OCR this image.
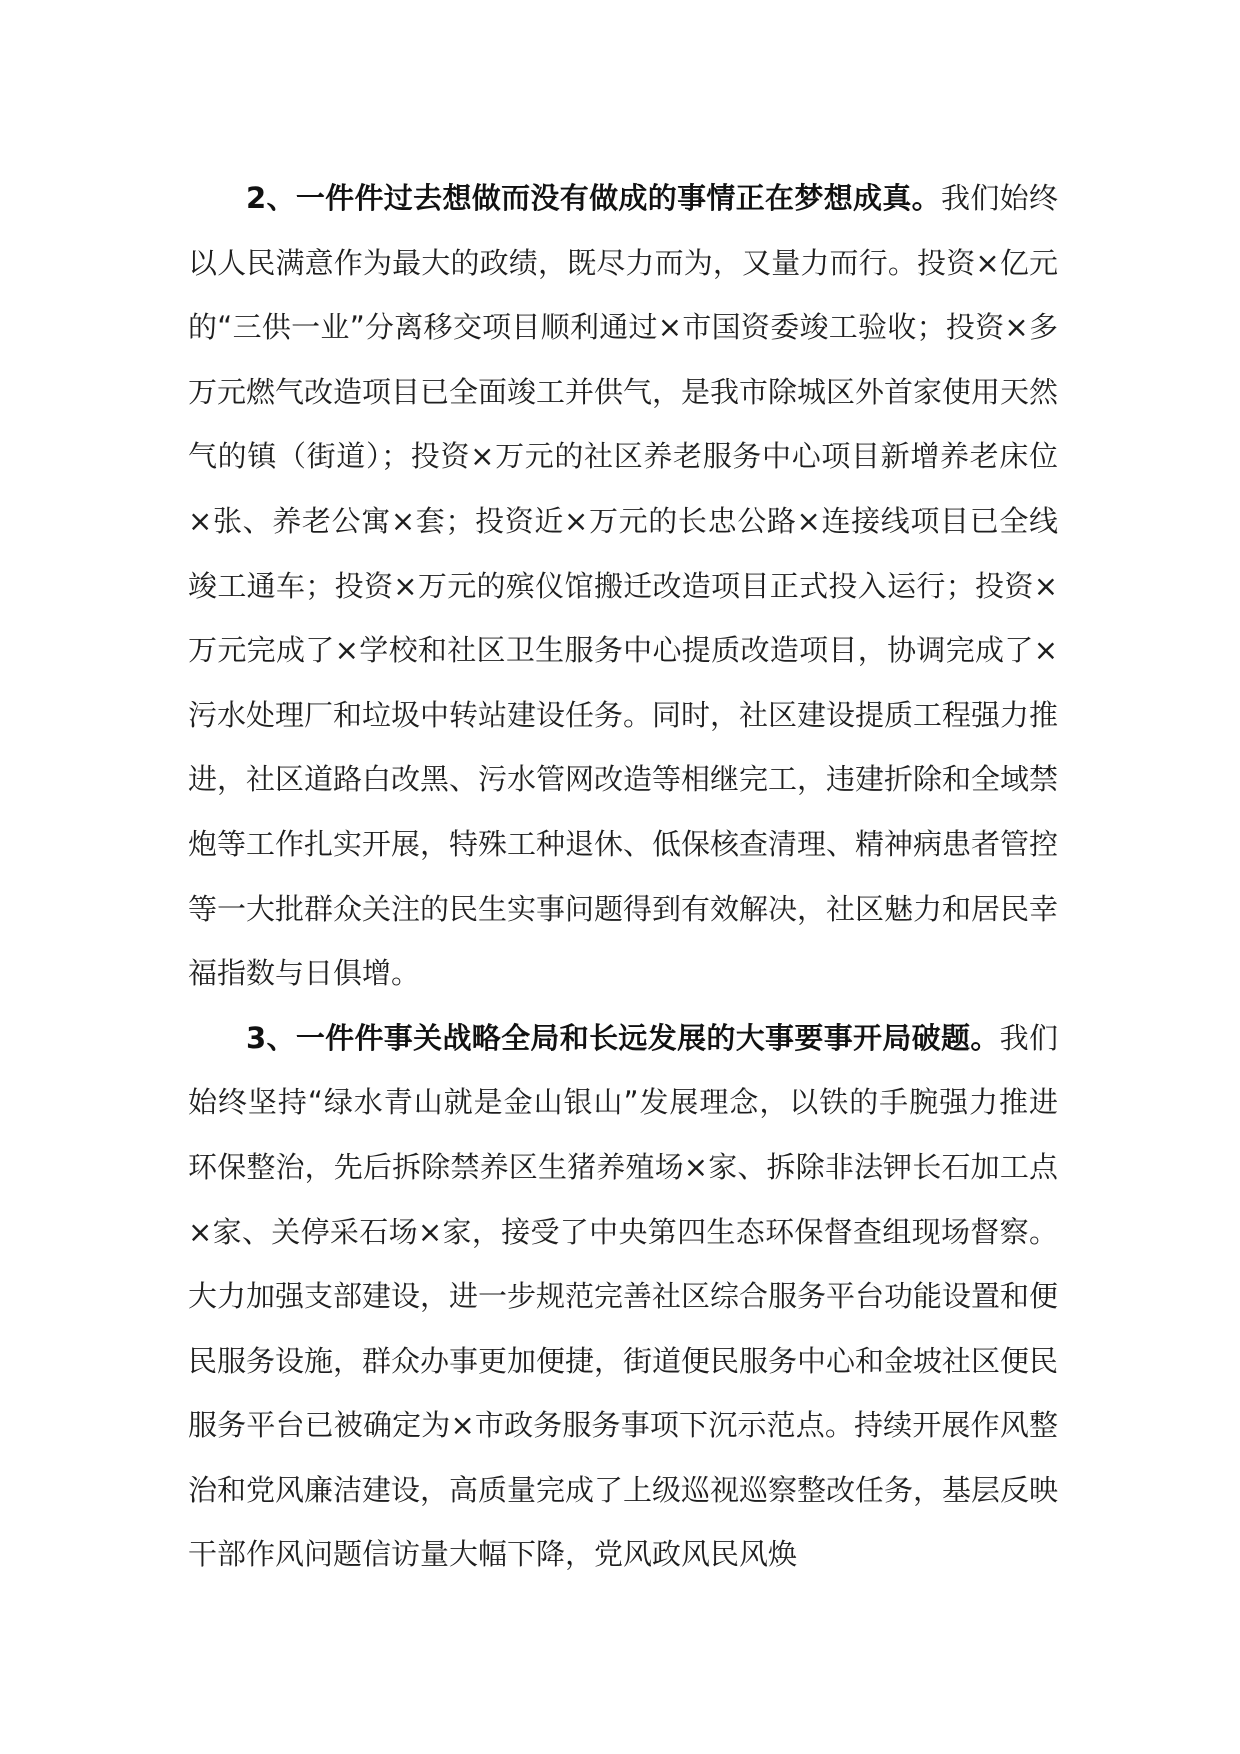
2、一件件过去想做而没有做成的事情正在梦想成真。我们始终以人民满意作为最大的政绩，既尽力而为，又量力而行。投资×亿元的“三供一业”分离移交项目顺利通过×市国资委竣工验收；投资×多万元燃气改造项目已全面竣工并供气，是我市除城区外首家使用天然气的镇（街道）；投资×万元的社区养老服务中心项目新增养老床位×张、养老公寓×套；投资近×万元的长忠公路×连接线项目已全线竣工通车；投资×万元的殡仪馆搬迁改造项目正式投入运行；投资×万元完成了×学校和社区卫生服务中心提质改造项目，协调完成了×污水处理厂和垃圾中转站建设任务。同时，社区建设提质工程强力推进，社区道路白改黑、污水管网改造等相继完工，违建折除和全域禁炮等工作扎实开展，特殊工种退休、低保核查清理、精神病患者管控等一大批群众关注的民生实事问题得到有效解决，社区魅力和居民幸福指数与日俱增。

3、一件件事关战略全局和长远发展的大事要事开局破题。我们始终坚持“绿水青山就是金山银山”发展理念，以铁的手腕强力推进环保整治，先后拆除禁养区生猪养殖场×家、拆除非法钾长石加工点×家、关停采石场×家，接受了中央第四生态环保督查组现场督察。大力加强支部建设，进一步规范完善社区综合服务平台功能设置和便民服务设施，群众办事更加便捷，街道便民服务中心和金坡社区便民服务平台已被确定为×市政务服务事项下沉示范点。持续开展作风整治和党风廉洁建设，高质量完成了上级巡视巡察整改任务，基层反映干部作风问题信访量大幅下降，党风政风民风焕
